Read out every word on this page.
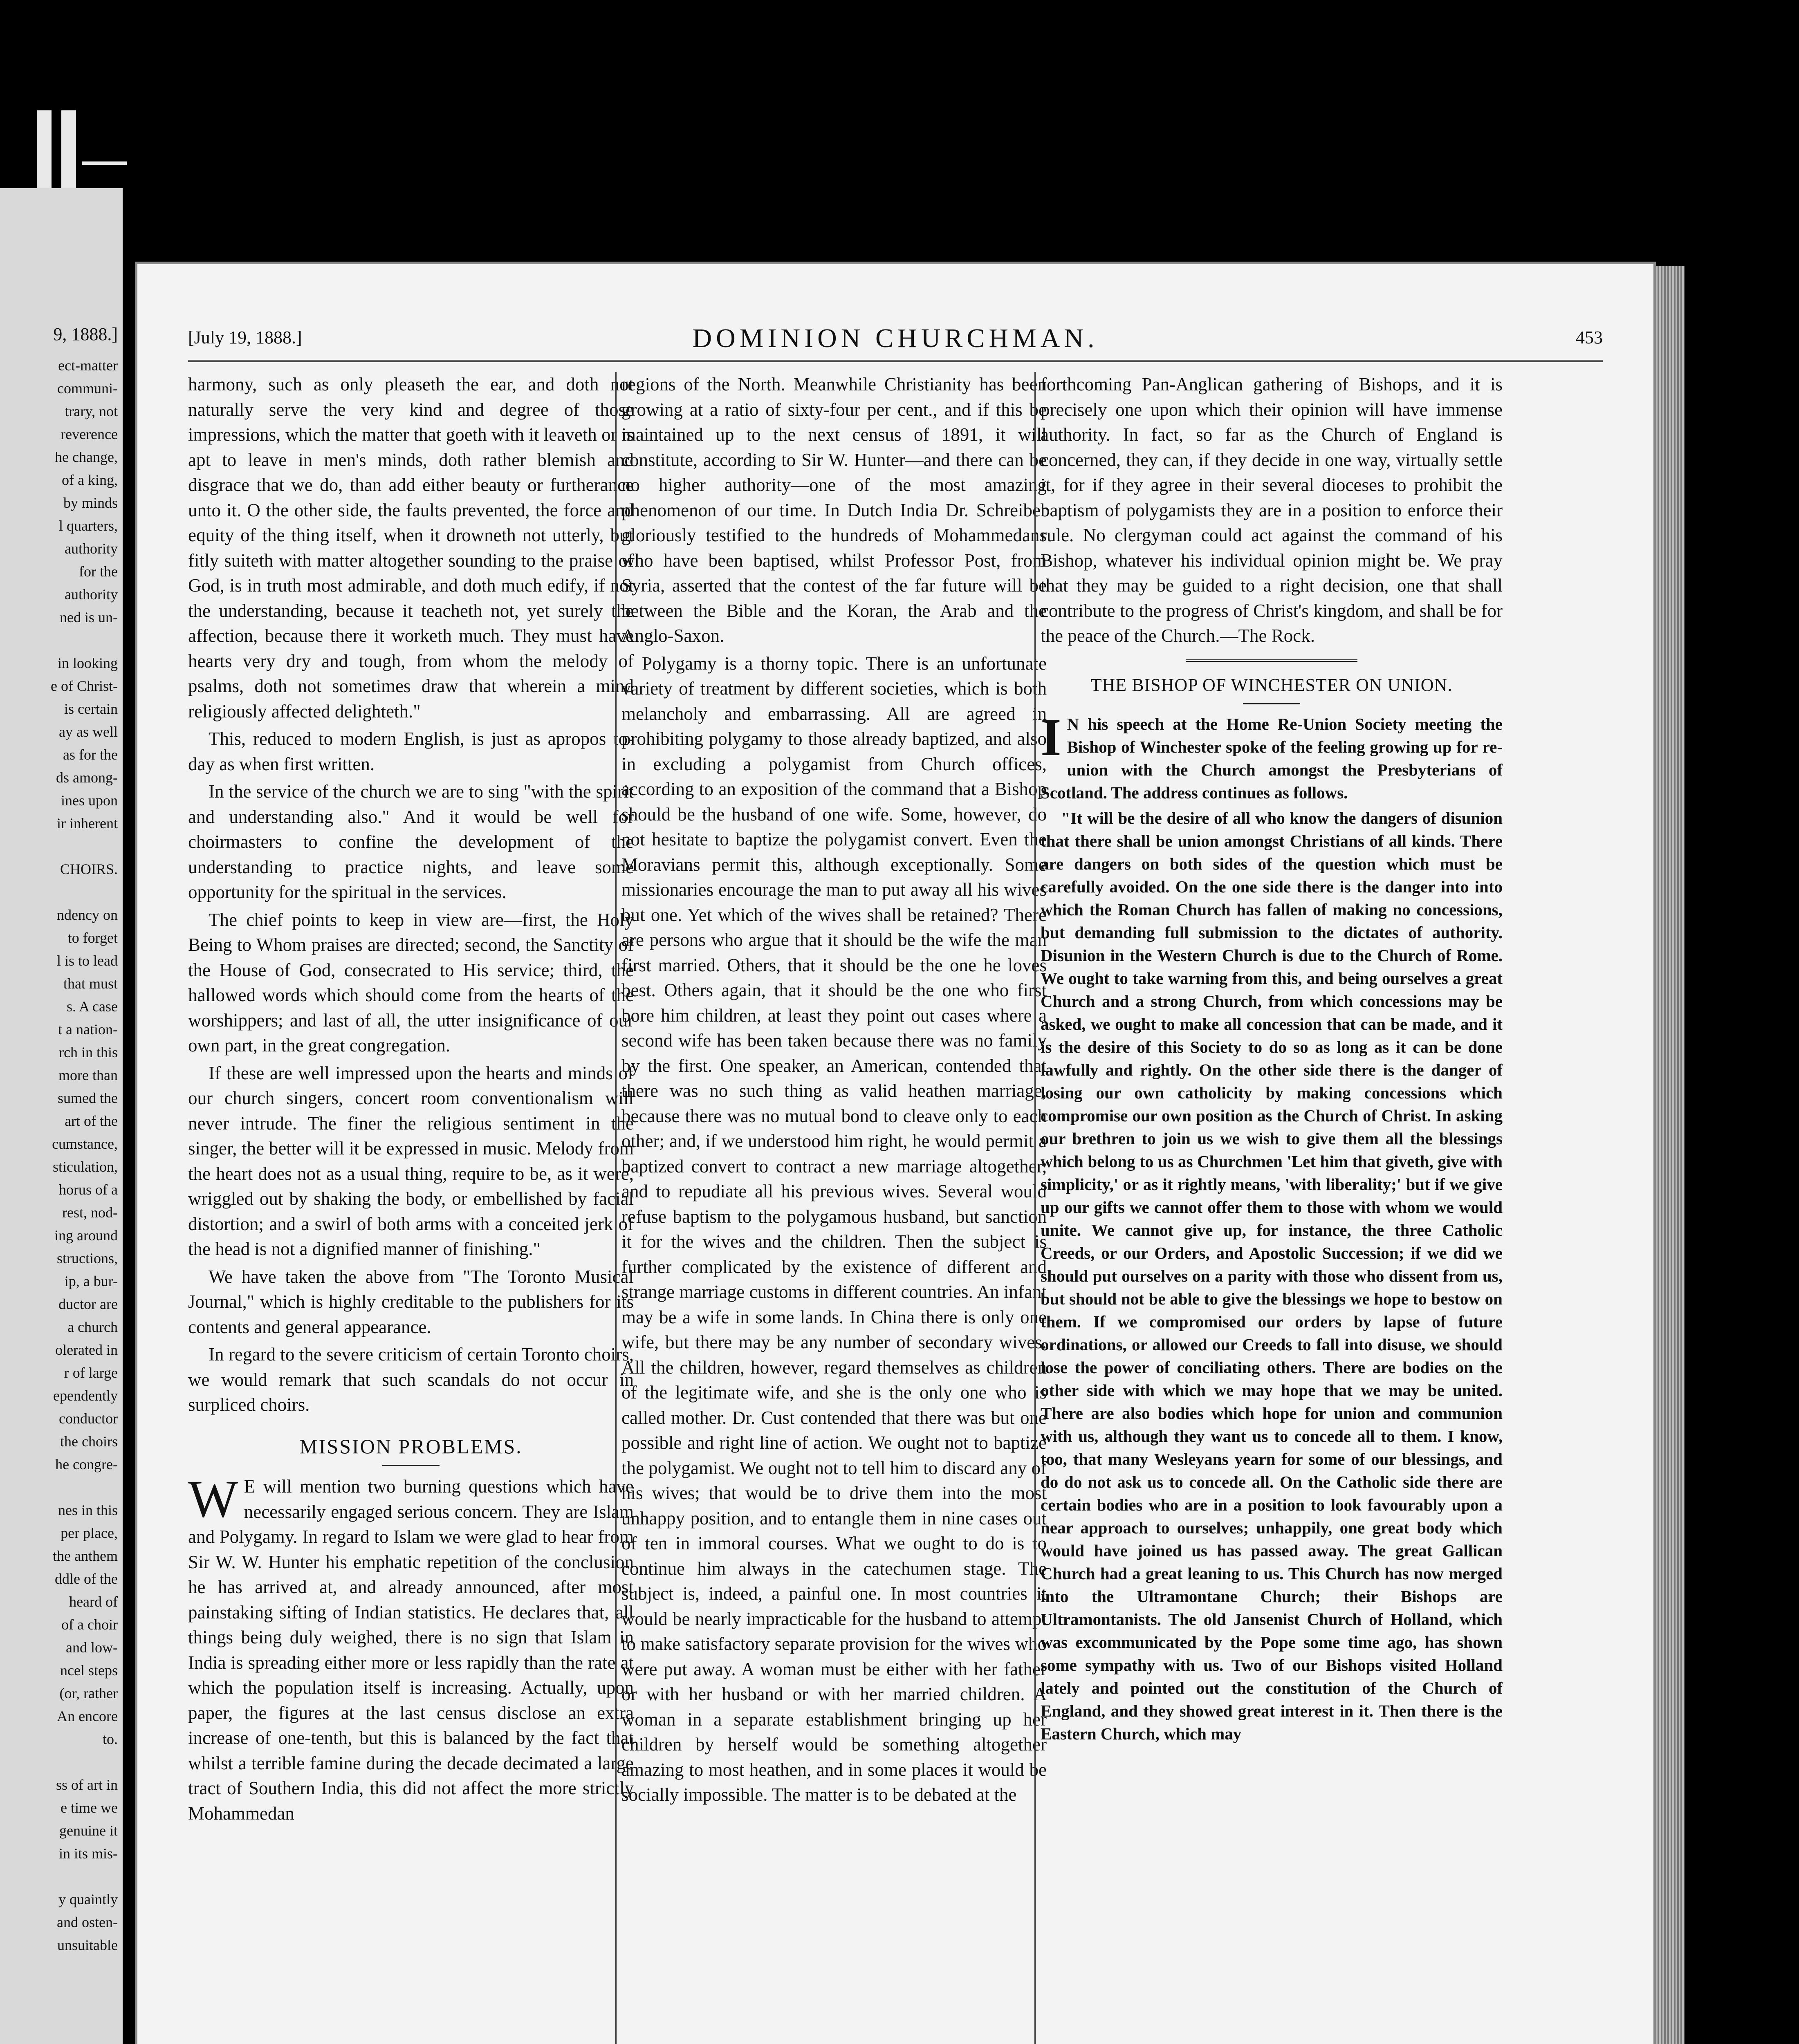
9, 1888.]
ect-matter
communi-
trary, not
reverence
he change,
of a king,
by minds
l quarters,
authority
for the
authority
ned is un-

in looking
e of Christ-
is certain
ay as well
as for the
ds among-
ines upon
ir inherent

CHOIRS.

ndency on
to forget
l is to lead
that must
s. A case
t a nation-
rch in this
more than
sumed the
art of the
cumstance,
sticulation,
horus of a
rest, nod-
ing around
structions,
ip, a bur-
ductor are
a church
olerated in
r of large
ependently
conductor
the choirs
he congre-

nes in this
per place,
the anthem
ddle of the
heard of
of a choir
and low-
ncel steps
(or, rather
An encore
to.

ss of art in
e time we
genuine it
in its mis-

y quaintly
and osten-
unsuitable
[July 19, 1888.]	DOMINION CHURCHMAN.	453

harmony, such as only pleaseth the ear, and doth not naturally serve the very kind and degree of those impressions, which the matter that goeth with it leaveth or is apt to leave in men's minds, doth rather blemish and disgrace that we do, than add either beauty or furtherance unto it. O the other side, the faults prevented, the force and equity of the thing itself, when it drowneth not utterly, but fitly suiteth with matter altogether sounding to the praise of God, is in truth most admirable, and doth much edify, if not the understanding, because it teacheth not, yet surely the affection, because there it worketh much. They must have hearts very dry and tough, from whom the melody of psalms, doth not sometimes draw that wherein a mind religiously affected delighteth."

This, reduced to modern English, is just as apropos to-day as when first written.

In the service of the church we are to sing "with the spirit and understanding also." And it would be well for choirmasters to confine the development of the understanding to practice nights, and leave some opportunity for the spiritual in the services.

The chief points to keep in view are—first, the Holy Being to Whom praises are directed; second, the Sanctity of the House of God, consecrated to His service; third, the hallowed words which should come from the hearts of the worshippers; and last of all, the utter insignificance of our own part, in the great congregation.

If these are well impressed upon the hearts and minds of our church singers, concert room conventionalism will never intrude. The finer the religious sentiment in the singer, the better will it be expressed in music. Melody from the heart does not as a usual thing, require to be, as it were, wriggled out by shaking the body, or embellished by facial distortion; and a swirl of both arms with a conceited jerk of the head is not a dignified manner of finishing."

We have taken the above from "The Toronto Musical Journal," which is highly creditable to the publishers for its contents and general appearance.

In regard to the severe criticism of certain Toronto choirs, we would remark that such scandals do not occur in surpliced choirs.

MISSION PROBLEMS.

W E will mention two burning questions which have necessarily engaged serious concern. They are Islam and Polygamy. In regard to Islam we were glad to hear from Sir W. W. Hunter his emphatic repetition of the conclusion he has arrived at, and already announced, after most painstaking sifting of Indian statistics. He declares that, all things being duly weighed, there is no sign that Islam in India is spreading either more or less rapidly than the rate at which the population itself is increasing. Actually, upon paper, the figures at the last census disclose an extra increase of one-tenth, but this is balanced by the fact that whilst a terrible famine during the decade decimated a large tract of Southern India, this did not affect the more strictly Mohammedan

regions of the North. Meanwhile Christianity has been growing at a ratio of sixty-four per cent., and if this be maintained up to the next census of 1891, it will constitute, according to Sir W. Hunter—and there can be no higher authority—one of the most amazing phenomenon of our time. In Dutch India Dr. Schreiber gloriously testified to the hundreds of Mohammedans who have been baptised, whilst Professor Post, from Syria, asserted that the contest of the far future will be between the Bible and the Koran, the Arab and the Anglo-Saxon.

Polygamy is a thorny topic. There is an unfortunate variety of treatment by different societies, which is both melancholy and embarrassing. All are agreed in prohibiting polygamy to those already baptized, and also in excluding a polygamist from Church offices, according to an exposition of the command that a Bishop should be the husband of one wife. Some, however, do not hesitate to baptize the polygamist convert. Even the Moravians permit this, although exceptionally. Some missionaries encourage the man to put away all his wives but one. Yet which of the wives shall be retained? There are persons who argue that it should be the wife the man first married. Others, that it should be the one he loves best. Others again, that it should be the one who first bore him children, at least they point out cases where a second wife has been taken because there was no family by the first. One speaker, an American, contended that there was no such thing as valid heathen marriage, because there was no mutual bond to cleave only to each other; and, if we understood him right, he would permit a baptized convert to contract a new marriage altogether, and to repudiate all his previous wives. Several would refuse baptism to the polygamous husband, but sanction it for the wives and the children. Then the subject is further complicated by the existence of different and strange marriage customs in different countries. An infant may be a wife in some lands. In China there is only one wife, but there may be any number of secondary wives. All the children, however, regard themselves as children of the legitimate wife, and she is the only one who is called mother. Dr. Cust contended that there was but one possible and right line of action. We ought not to baptize the polygamist. We ought not to tell him to discard any of his wives; that would be to drive them into the most unhappy position, and to entangle them in nine cases out of ten in immoral courses. What we ought to do is to continue him always in the catechumen stage. The subject is, indeed, a painful one. In most countries it would be nearly impracticable for the husband to attempt to make satisfactory separate provision for the wives who were put away. A woman must be either with her father or with her husband or with her married children. A woman in a separate establishment bringing up her children by herself would be something altogether amazing to most heathen, and in some places it would be socially impossible. The matter is to be debated at the

forthcoming Pan-Anglican gathering of Bishops, and it is precisely one upon which their opinion will have immense authority. In fact, so far as the Church of England is concerned, they can, if they decide in one way, virtually settle it, for if they agree in their several dioceses to prohibit the baptism of polygamists they are in a position to enforce their rule. No clergyman could act against the command of his Bishop, whatever his individual opinion might be. We pray that they may be guided to a right decision, one that shall contribute to the progress of Christ's kingdom, and shall be for the peace of the Church.—The Rock.

THE BISHOP OF WINCHESTER ON UNION.

I N his speech at the Home Re-Union Society meeting the Bishop of Winchester spoke of the feeling growing up for re-union with the Church amongst the Presbyterians of Scotland. The address continues as follows.

"It will be the desire of all who know the dangers of disunion that there shall be union amongst Christians of all kinds. There are dangers on both sides of the question which must be carefully avoided. On the one side there is the danger into into which the Roman Church has fallen of making no concessions, but demanding full submission to the dictates of authority. Disunion in the Western Church is due to the Church of Rome. We ought to take warning from this, and being ourselves a great Church and a strong Church, from which concessions may be asked, we ought to make all concession that can be made, and it is the desire of this Society to do so as long as it can be done lawfully and rightly. On the other side there is the danger of losing our own catholicity by making concessions which compromise our own position as the Church of Christ. In asking our brethren to join us we wish to give them all the blessings which belong to us as Churchmen 'Let him that giveth, give with simplicity,' or as it rightly means, 'with liberality;' but if we give up our gifts we cannot offer them to those with whom we would unite. We cannot give up, for instance, the three Catholic Creeds, or our Orders, and Apostolic Succession; if we did we should put ourselves on a parity with those who dissent from us, but should not be able to give the blessings we hope to bestow on them. If we compromised our orders by lapse of future ordinations, or allowed our Creeds to fall into disuse, we should lose the power of conciliating others. There are bodies on the other side with which we may hope that we may be united. There are also bodies which hope for union and communion with us, although they want us to concede all to them. I know, too, that many Wesleyans yearn for some of our blessings, and do do not ask us to concede all. On the Catholic side there are certain bodies who are in a position to look favourably upon a near approach to ourselves; unhappily, one great body which would have joined us has passed away. The great Gallican Church had a great leaning to us. This Church has now merged into the Ultramontane Church; their Bishops are Ultramontanists. The old Jansenist Church of Holland, which was excommunicated by the Pope some time ago, has shown some sympathy with us. Two of our Bishops visited Holland lately and pointed out the constitution of the Church of England, and they showed great interest in it. Then there is the Eastern Church, which may
